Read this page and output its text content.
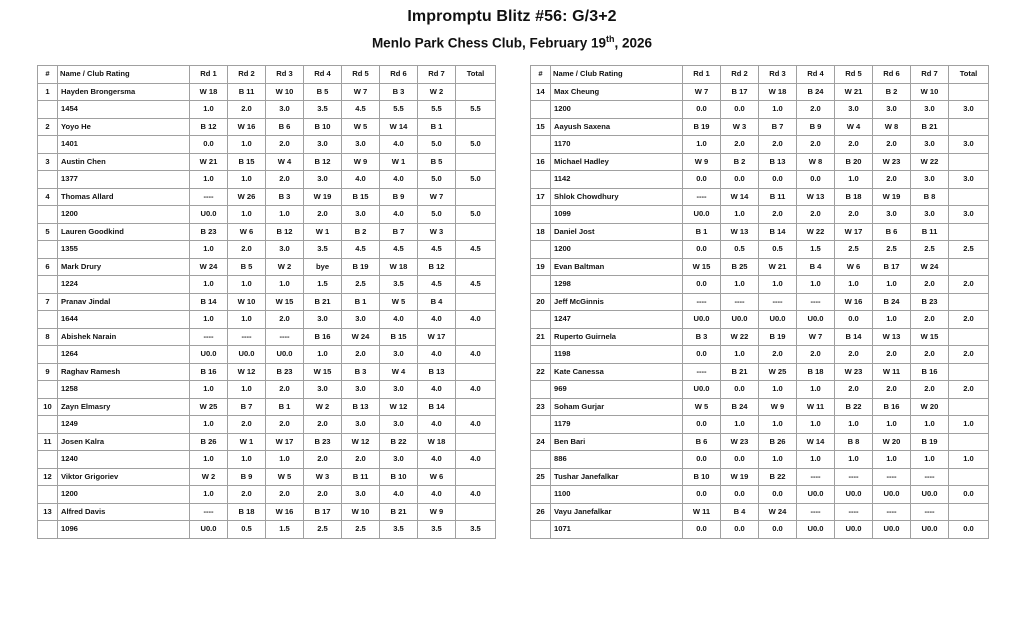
Impromptu Blitz #56: G/3+2
Menlo Park Chess Club, February 19th, 2026
#	Name / Club Rating	Rd 1	Rd 2	Rd 3	Rd 4	Rd 5	Rd 6	Rd 7	Total
1	Hayden Brongersma	W 18	B 11	W 10	B 5	W 7	B 3	W 2	
	1454	1.0	2.0	3.0	3.5	4.5	5.5	5.5	5.5
2	Yoyo He	B 12	W 16	B 6	B 10	W 5	W 14	B 1	
	1401	0.0	1.0	2.0	3.0	3.0	4.0	5.0	5.0
3	Austin Chen	W 21	B 15	W 4	B 12	W 9	W 1	B 5	
	1377	1.0	1.0	2.0	3.0	4.0	4.0	5.0	5.0
4	Thomas Allard	----	W 26	B 3	W 19	B 15	B 9	W 7	
	1200	U0.0	1.0	1.0	2.0	3.0	4.0	5.0	5.0
5	Lauren Goodkind	B 23	W 6	B 12	W 1	B 2	B 7	W 3	
	1355	1.0	2.0	3.0	3.5	4.5	4.5	4.5	4.5
6	Mark Drury	W 24	B 5	W 2	bye	B 19	W 18	B 12	
	1224	1.0	1.0	1.0	1.5	2.5	3.5	4.5	4.5
7	Pranav Jindal	B 14	W 10	W 15	B 21	B 1	W 5	B 4	
	1644	1.0	1.0	2.0	3.0	3.0	4.0	4.0	4.0
8	Abishek Narain	----	----	----	B 16	W 24	B 15	W 17	
	1264	U0.0	U0.0	U0.0	1.0	2.0	3.0	4.0	4.0
9	Raghav Ramesh	B 16	W 12	B 23	W 15	B 3	W 4	B 13	
	1258	1.0	1.0	2.0	3.0	3.0	3.0	4.0	4.0
10	Zayn Elmasry	W 25	B 7	B 1	W 2	B 13	W 12	B 14	
	1249	1.0	2.0	2.0	2.0	3.0	3.0	4.0	4.0
11	Josen Kalra	B 26	W 1	W 17	B 23	W 12	B 22	W 18	
	1240	1.0	1.0	1.0	2.0	2.0	3.0	4.0	4.0
12	Viktor Grigoriev	W 2	B 9	W 5	W 3	B 11	B 10	W 6	
	1200	1.0	2.0	2.0	2.0	3.0	4.0	4.0	4.0
13	Alfred Davis	----	B 18	W 16	B 17	W 10	B 21	W 9	
	1096	U0.0	0.5	1.5	2.5	2.5	3.5	3.5	3.5
#	Name / Club Rating	Rd 1	Rd 2	Rd 3	Rd 4	Rd 5	Rd 6	Rd 7	Total
14	Max Cheung	W 7	B 17	W 18	B 24	W 21	B 2	W 10	
	1200	0.0	0.0	1.0	2.0	3.0	3.0	3.0	3.0
15	Aayush Saxena	B 19	W 3	B 7	B 9	W 4	W 8	B 21	
	1170	1.0	2.0	2.0	2.0	2.0	2.0	3.0	3.0
16	Michael Hadley	W 9	B 2	B 13	W 8	B 20	W 23	W 22	
	1142	0.0	0.0	0.0	0.0	1.0	2.0	3.0	3.0
17	Shlok Chowdhury	----	W 14	B 11	W 13	B 18	W 19	B 8	
	1099	U0.0	1.0	2.0	2.0	2.0	3.0	3.0	3.0
18	Daniel Jost	B 1	W 13	B 14	W 22	W 17	B 6	B 11	
	1200	0.0	0.5	0.5	1.5	2.5	2.5	2.5	2.5
19	Evan Baltman	W 15	B 25	W 21	B 4	W 6	B 17	W 24	
	1298	0.0	1.0	1.0	1.0	1.0	1.0	2.0	2.0
20	Jeff McGinnis	----	----	----	----	W 16	B 24	B 23	
	1247	U0.0	U0.0	U0.0	U0.0	0.0	1.0	2.0	2.0
21	Ruperto Guirnela	B 3	W 22	B 19	W 7	B 14	W 13	W 15	
	1198	0.0	1.0	2.0	2.0	2.0	2.0	2.0	2.0
22	Kate Canessa	----	B 21	W 25	B 18	W 23	W 11	B 16	
	969	U0.0	0.0	1.0	1.0	2.0	2.0	2.0	2.0
23	Soham Gurjar	W 5	B 24	W 9	W 11	B 22	B 16	W 20	
	1179	0.0	1.0	1.0	1.0	1.0	1.0	1.0	1.0
24	Ben Bari	B 6	W 23	B 26	W 14	B 8	W 20	B 19	
	886	0.0	0.0	1.0	1.0	1.0	1.0	1.0	1.0
25	Tushar Janefalkar	B 10	W 19	B 22	----	----	----	----	
	1100	0.0	0.0	0.0	U0.0	U0.0	U0.0	U0.0	0.0
26	Vayu Janefalkar	W 11	B 4	W 24	----	----	----	----	
	1071	0.0	0.0	0.0	U0.0	U0.0	U0.0	U0.0	0.0
